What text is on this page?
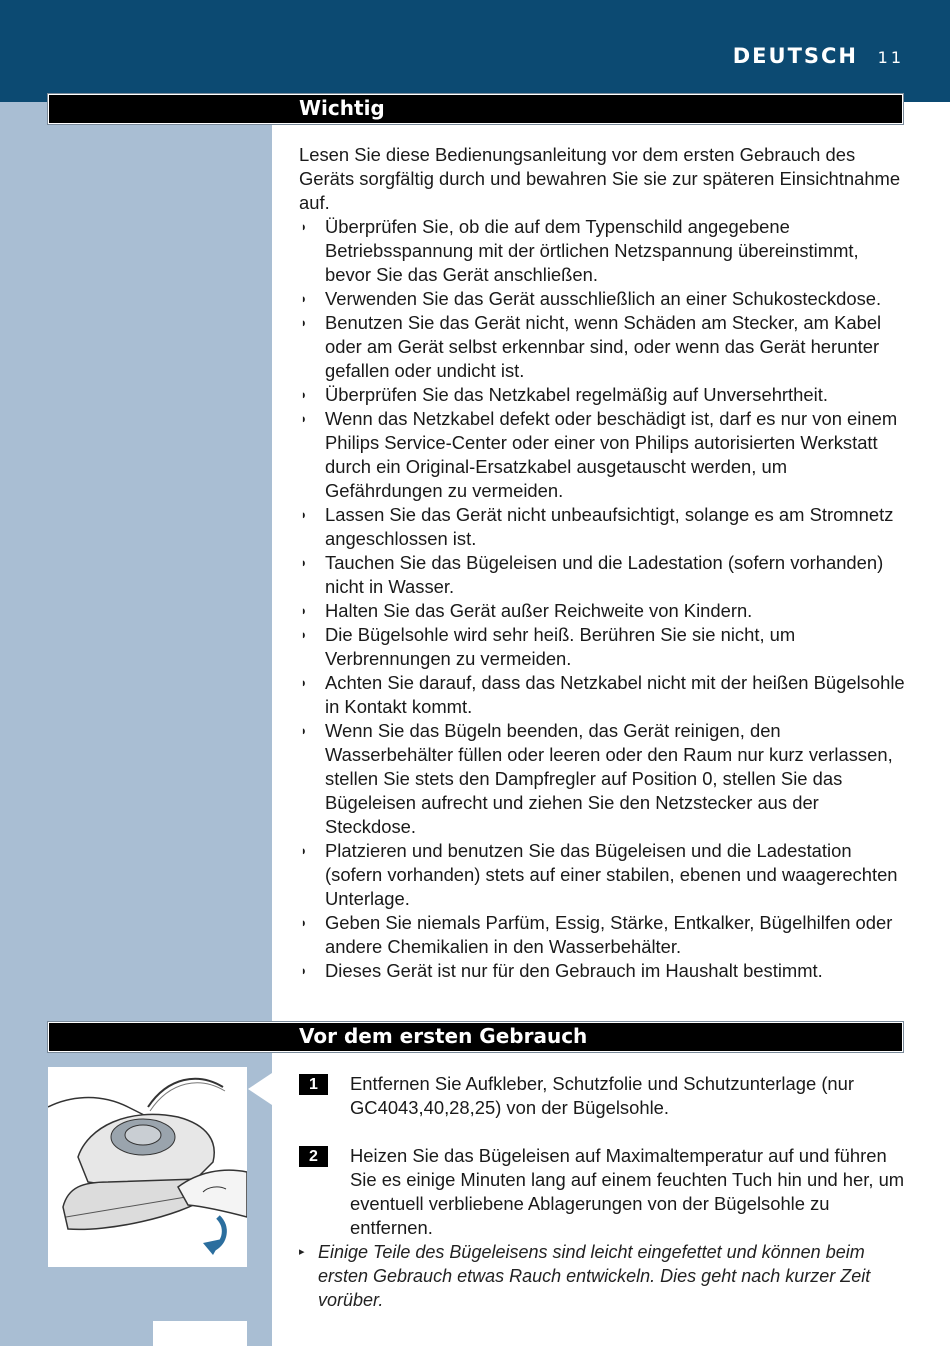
DEUTSCH 11
Wichtig

Lesen Sie diese Bedienungsanleitung vor dem ersten Gebrauch des Geräts sorgfältig durch und bewahren Sie sie zur späteren Einsichtnahme auf.

◗ Überprüfen Sie, ob die auf dem Typenschild angegebene Betriebsspannung mit der örtlichen Netzspannung übereinstimmt, bevor Sie das Gerät anschließen.
◗ Verwenden Sie das Gerät ausschließlich an einer Schukosteckdose.
◗ Benutzen Sie das Gerät nicht, wenn Schäden am Stecker, am Kabel oder am Gerät selbst erkennbar sind, oder wenn das Gerät herunter gefallen oder undicht ist.
◗ Überprüfen Sie das Netzkabel regelmäßig auf Unversehrtheit.
◗ Wenn das Netzkabel defekt oder beschädigt ist, darf es nur von einem Philips Service-Center oder einer von Philips autorisierten Werkstatt durch ein Original-Ersatzkabel ausgetauscht werden, um Gefährdungen zu vermeiden.
◗ Lassen Sie das Gerät nicht unbeaufsichtigt, solange es am Stromnetz angeschlossen ist.
◗ Tauchen Sie das Bügeleisen und die Ladestation (sofern vorhanden) nicht in Wasser.
◗ Halten Sie das Gerät außer Reichweite von Kindern.
◗ Die Bügelsohle wird sehr heiß. Berühren Sie sie nicht, um Verbrennungen zu vermeiden.
◗ Achten Sie darauf, dass das Netzkabel nicht mit der heißen Bügelsohle in Kontakt kommt.
◗ Wenn Sie das Bügeln beenden, das Gerät reinigen, den Wasserbehälter füllen oder leeren oder den Raum nur kurz verlassen, stellen Sie stets den Dampfregler auf Position 0, stellen Sie das Bügeleisen aufrecht und ziehen Sie den Netzstecker aus der Steckdose.
◗ Platzieren und benutzen Sie das Bügeleisen und die Ladestation (sofern vorhanden) stets auf einer stabilen, ebenen und waagerechten Unterlage.
◗ Geben Sie niemals Parfüm, Essig, Stärke, Entkalker, Bügelhilfen oder andere Chemikalien in den Wasserbehälter.
◗ Dieses Gerät ist nur für den Gebrauch im Haushalt bestimmt.
Vor dem ersten Gebrauch
1	Entfernen Sie Aufkleber, Schutzfolie und Schutzunterlage (nur GC4043,40,28,25) von der Bügelsohle.
2	Heizen Sie das Bügeleisen auf Maximaltemperatur auf und führen Sie es einige Minuten lang auf einem feuchten Tuch hin und her, um eventuell verbliebene Ablagerungen von der Bügelsohle zu entfernen.

▸ Einige Teile des Bügeleisens sind leicht eingefettet und können beim ersten Gebrauch etwas Rauch entwickeln. Dies geht nach kurzer Zeit vorüber.
